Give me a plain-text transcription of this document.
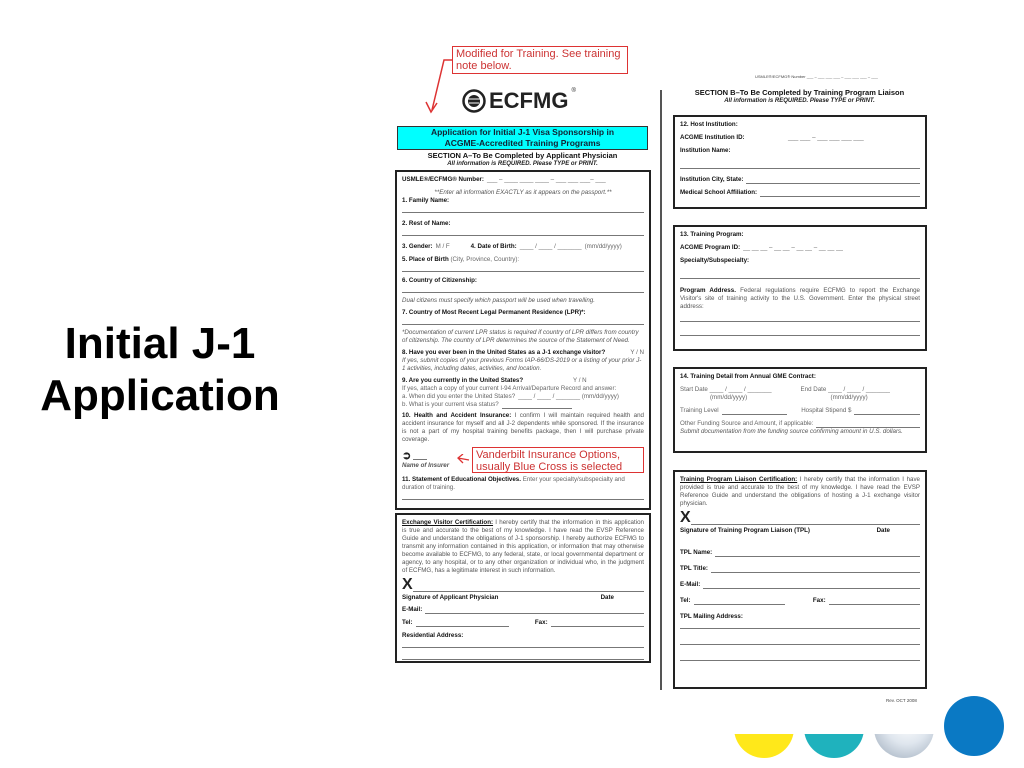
Initial J-1
Application
Modified for Training. See training note below.
ECFMG ®
Application for Initial J-1 Visa Sponsorship in
ACGME-Accredited Training Programs
SECTION A–To Be Completed by Applicant Physician
All information is REQUIRED. Please TYPE or PRINT.
USMLE®/ECFMG® Number: ___ – ____ ____ ____ – ___ ___ ___– ___
**Enter all information EXACTLY as it appears on the passport.**
1. Family Name:
2. Rest of Name:
3. Gender: M / F	4. Date of Birth: ____ / ____ / _______ (mm/dd/yyyy)
5. Place of Birth (City, Province, Country):
6. Country of Citizenship:
Dual citizens must specify which passport will be used when travelling.
7. Country of Most Recent Legal Permanent Residence (LPR)*:
*Documentation of current LPR status is required if country of LPR differs from country of citizenship. The country of LPR determines the source of the Statement of Need.
8. Have you ever been in the United States as a J-1 exchange visitor?	Y / N
If yes, submit copies of your previous Forms IAP-66/DS-2019 or a listing of your prior J-1 activities, including dates, activities, and location.
9. Are you currently in the United States?	Y / N
If yes, attach a copy of your current I-94 Arrival/Departure Record and answer:
a. When did you enter the United States? ____ / ____ / _______ (mm/dd/yyyy)
b. What is your current visa status?
10. Health and Accident Insurance: I confirm I will maintain required health and accident insurance for myself and all J-2 dependents while sponsored. If the insurance is not a part of my hospital training benefits package, then I will purchase private coverage.
➲
Name of Insurer
Vanderbilt Insurance Options, usually Blue Cross is selected
11. Statement of Educational Objectives. Enter your specialty/subspecialty and duration of training.
Exchange Visitor Certification: I hereby certify that the information in this application is true and accurate to the best of my knowledge. I have read the EVSP Reference Guide and understand the obligations of J-1 sponsorship. I hereby authorize ECFMG to transmit any information contained in this application, or information that may otherwise become available to ECFMG, to any federal, state, or local governmental department or agency, to any hospital, or to any other organization or individual who, in the judgment of ECFMG, has a legitimate interest in such information.
X
Signature of Applicant Physician	Date
E-Mail:
Tel:	Fax:
Residential Address:
USMLE®/ECFMG® Number ___ – ___ ___ ___ – ___ ___ ___ – ___
SECTION B–To Be Completed by Training Program Liaison
All information is REQUIRED. Please TYPE or PRINT.
12. Host Institution:
ACGME Institution ID:	___ ___ – ___ ___ ___ ___
Institution Name:
Institution City, State:
Medical School Affiliation:
13. Training Program:
ACGME Program ID: __ __ __ – __ __ – __ __ – __ __ __
Specialty/Subspecialty:
Program Address. Federal regulations require ECFMG to report the Exchange Visitor's site of training activity to the U.S. Government. Enter the physical street address:
14. Training Detail from Annual GME Contract:
Start Date ____ / ____ / _______
(mm/dd/yyyy)
End Date ____ / ____ / _______
(mm/dd/yyyy)
Training Level	Hospital Stipend $
Other Funding Source and Amount, if applicable:
Submit documentation from the funding source confirming amount in U.S. dollars.
Training Program Liaison Certification: I hereby certify that the information I have provided is true and accurate to the best of my knowledge. I have read the EVSP Reference Guide and understand the obligations of hosting a J-1 exchange visitor physician.
X
Signature of Training Program Liaison (TPL)	Date
TPL Name:
TPL Title:
E-Mail:
Tel:	Fax:
TPL Mailing Address:
Rev. OCT 2008
